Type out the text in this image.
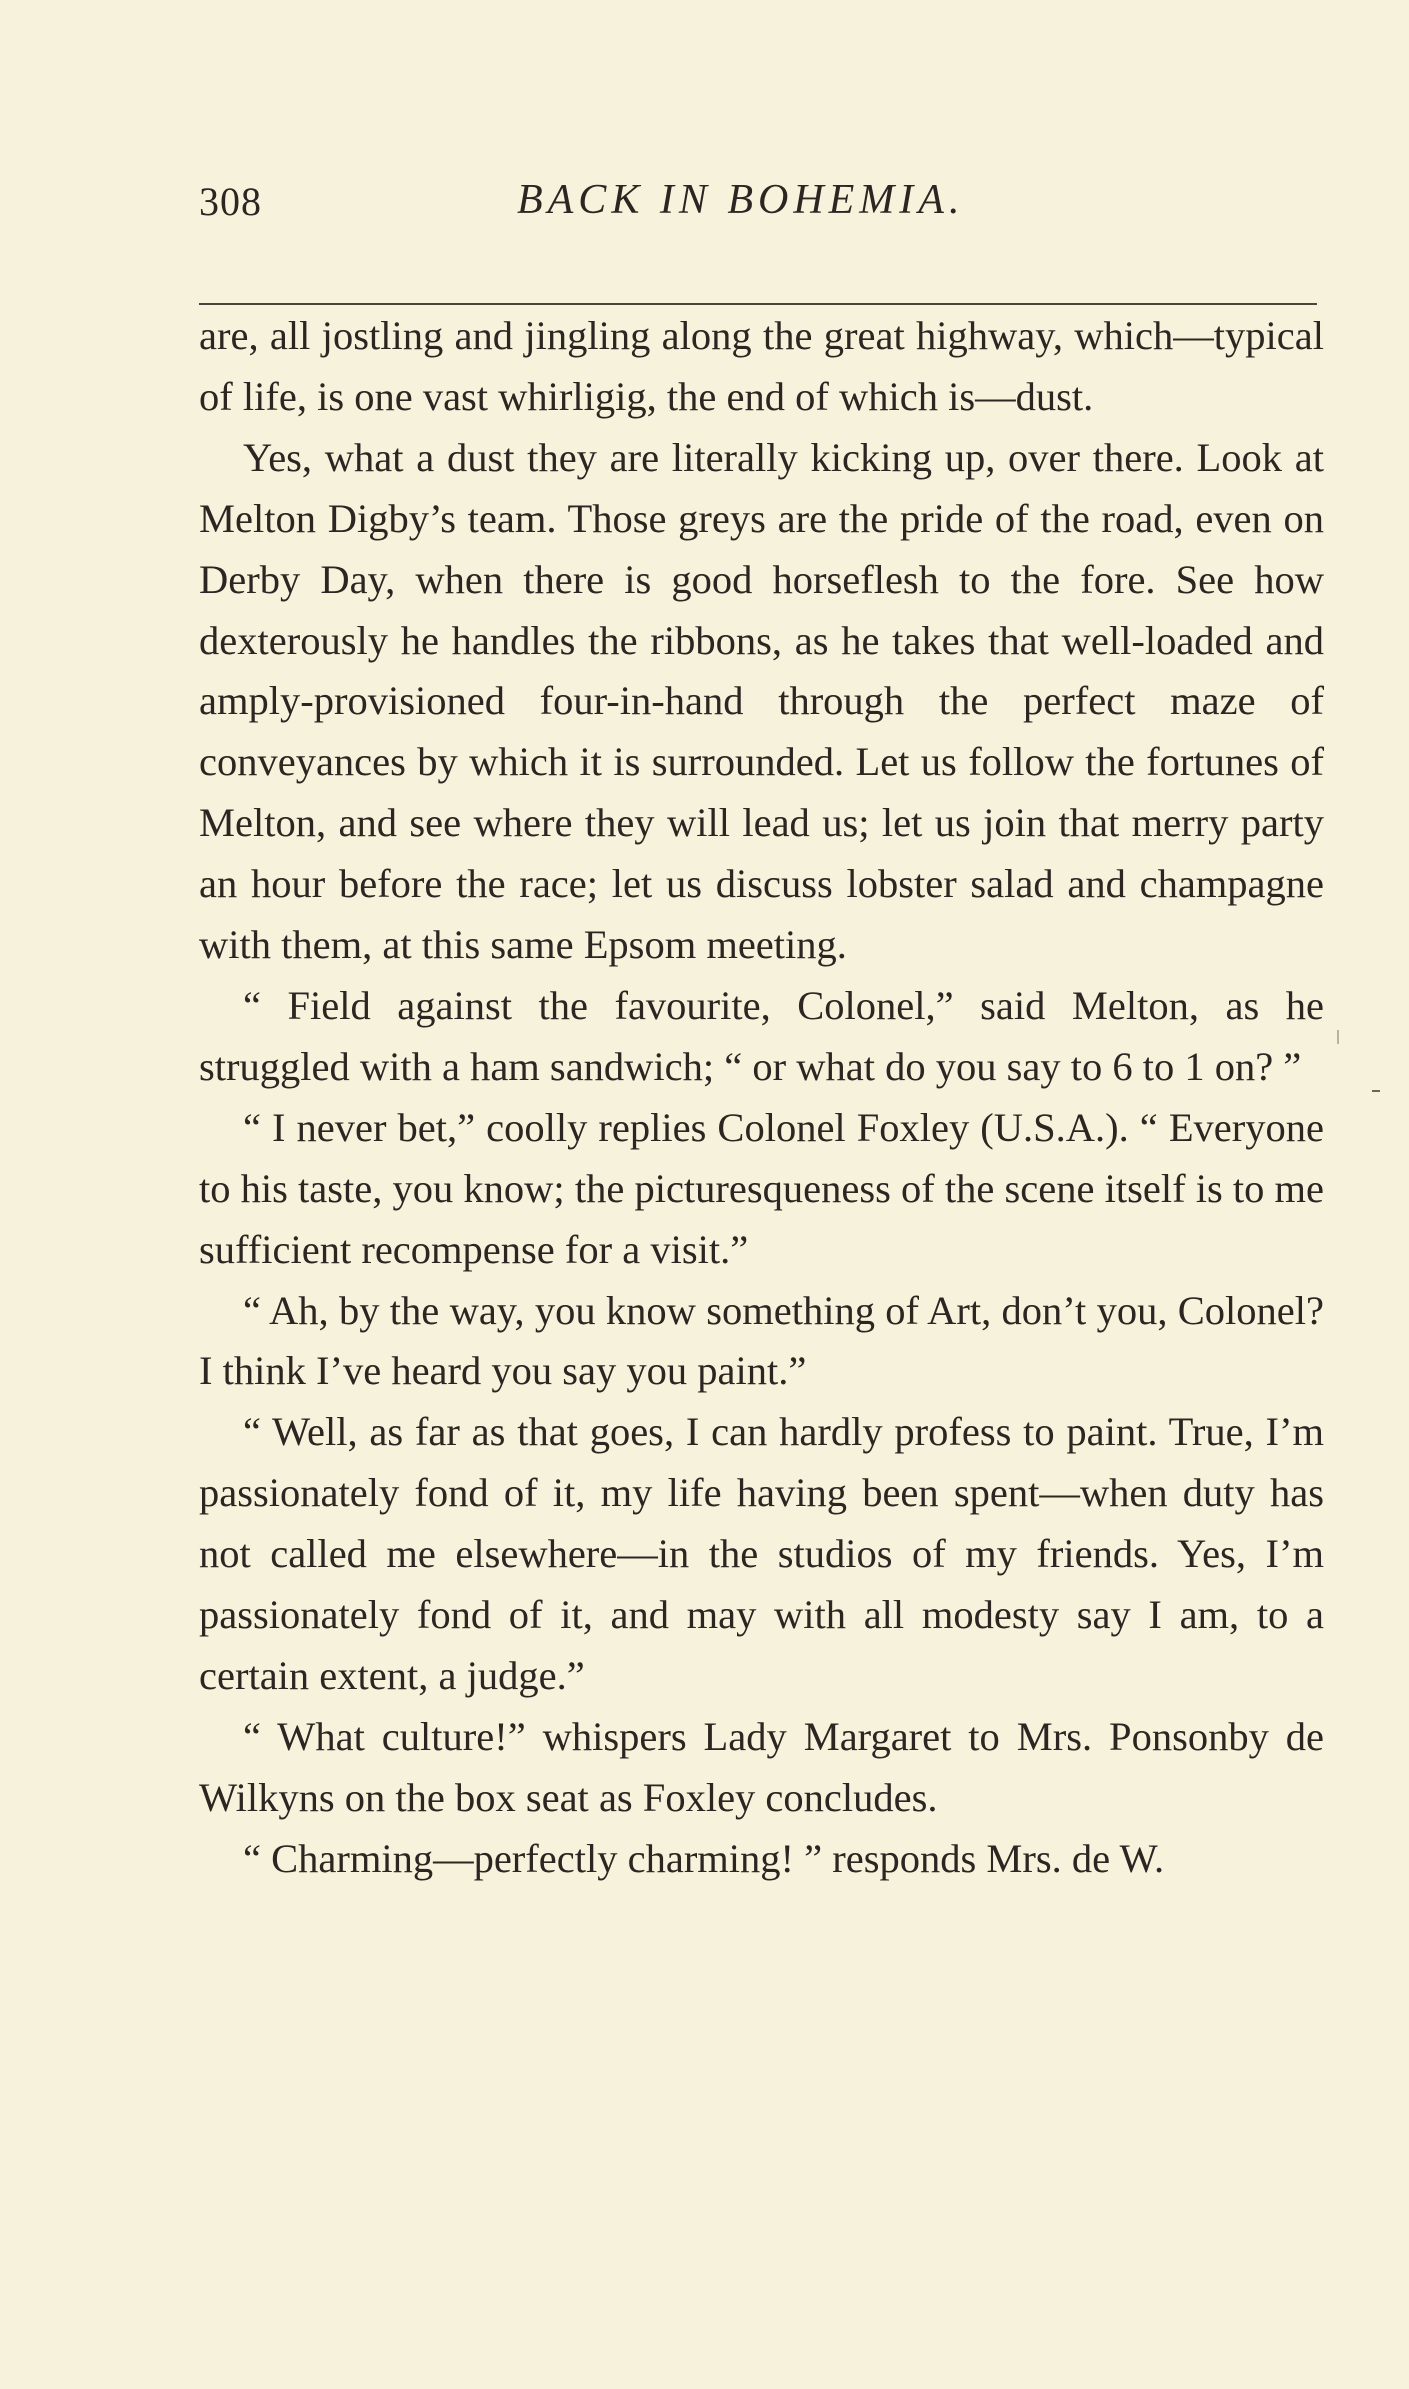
308	BACK IN BOHEMIA.

are, all jostling and jingling along the great highway, which—typical of life, is one vast whirligig, the end of which is—dust.

Yes, what a dust they are literally kicking up, over there. Look at Melton Digby’s team. Those greys are the pride of the road, even on Derby Day, when there is good horseflesh to the fore. See how dexterously he handles the ribbons, as he takes that well-loaded and amply-provisioned four-in-hand through the perfect maze of conveyances by which it is surrounded. Let us follow the fortunes of Melton, and see where they will lead us; let us join that merry party an hour before the race; let us discuss lobster salad and champagne with them, at this same Epsom meeting.

“ Field against the favourite, Colonel,” said Melton, as he struggled with a ham sandwich; “ or what do you say to 6 to 1 on? ”

“ I never bet,” coolly replies Colonel Foxley (U.S.A.). “ Everyone to his taste, you know; the picturesqueness of the scene itself is to me sufficient recompense for a visit.”

“ Ah, by the way, you know something of Art, don’t you, Colonel? I think I’ve heard you say you paint.”

“ Well, as far as that goes, I can hardly profess to paint. True, I’m passionately fond of it, my life having been spent—when duty has not called me elsewhere—in the studios of my friends. Yes, I’m passionately fond of it, and may with all modesty say I am, to a certain extent, a judge.”

“ What culture!” whispers Lady Margaret to Mrs. Ponsonby de Wilkyns on the box seat as Foxley concludes.

“ Charming—perfectly charming! ” responds Mrs. de W.
